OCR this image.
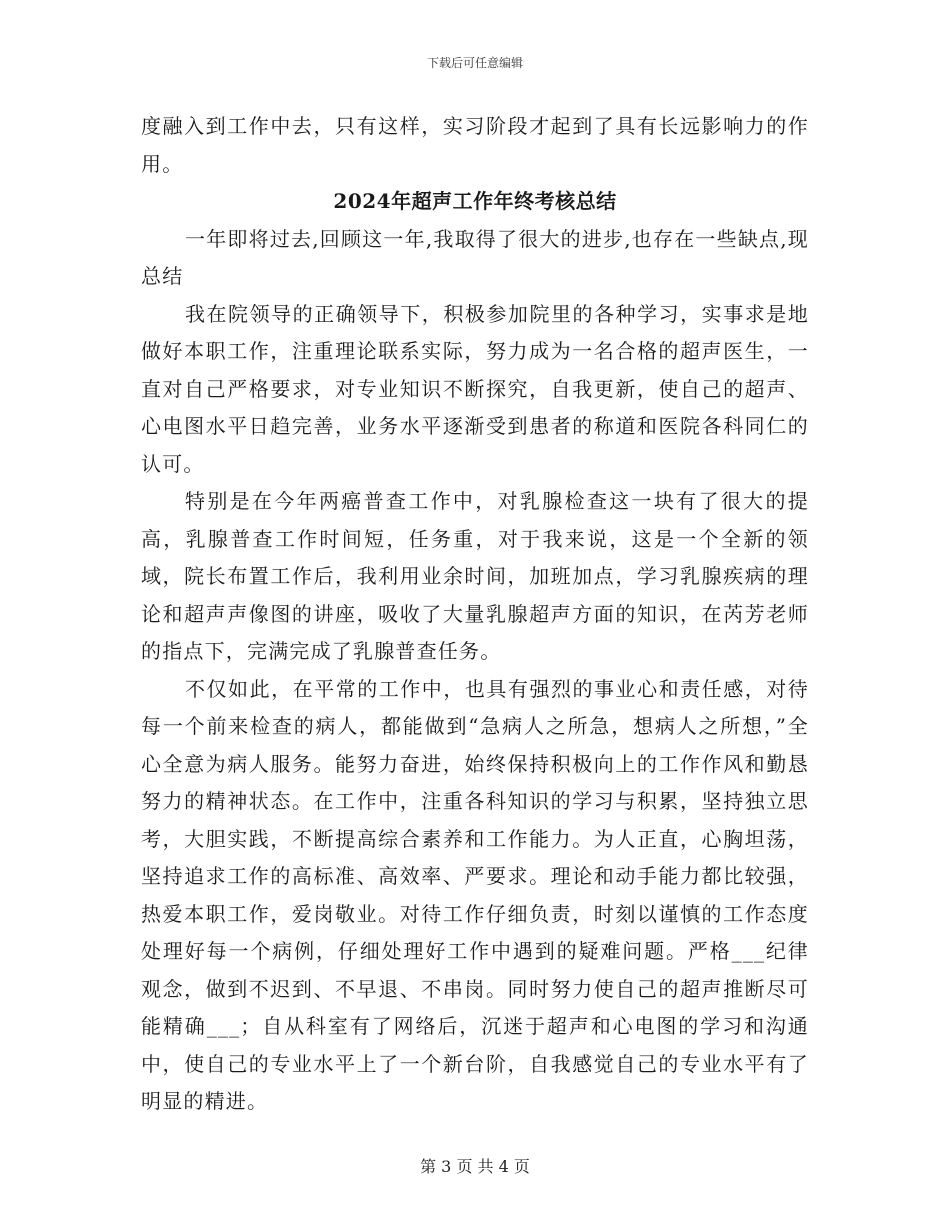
下载后可任意编辑

度融入到工作中去，只有这样，实习阶段才起到了具有长远影响力的作用。

2024年超声工作年终考核总结

一年即将过去,回顾这一年,我取得了很大的进步,也存在一些缺点,现总结

我在院领导的正确领导下，积极参加院里的各种学习，实事求是地做好本职工作，注重理论联系实际，努力成为一名合格的超声医生，一直对自己严格要求，对专业知识不断探究，自我更新，使自己的超声、心电图水平日趋完善，业务水平逐渐受到患者的称道和医院各科同仁的认可。

特别是在今年两癌普查工作中，对乳腺检查这一块有了很大的提高，乳腺普查工作时间短，任务重，对于我来说，这是一个全新的领域，院长布置工作后，我利用业余时间，加班加点，学习乳腺疾病的理论和超声声像图的讲座，吸收了大量乳腺超声方面的知识，在芮芳老师的指点下，完满完成了乳腺普查任务。

不仅如此，在平常的工作中，也具有强烈的事业心和责任感，对待每一个前来检查的病人，都能做到“急病人之所急，想病人之所想，”全心全意为病人服务。能努力奋进，始终保持积极向上的工作作风和勤恳努力的精神状态。在工作中，注重各科知识的学习与积累，坚持独立思考，大胆实践，不断提高综合素养和工作能力。为人正直，心胸坦荡，坚持追求工作的高标准、高效率、严要求。理论和动手能力都比较强，热爱本职工作，爱岗敬业。对待工作仔细负责，时刻以谨慎的工作态度处理好每一个病例，仔细处理好工作中遇到的疑难问题。严格___纪律观念，做到不迟到、不早退、不串岗。同时努力使自己的超声推断尽可能精确___；自从科室有了网络后，沉迷于超声和心电图的学习和沟通中，使自己的专业水平上了一个新台阶，自我感觉自己的专业水平有了明显的精进。

第 3 页 共 4 页
